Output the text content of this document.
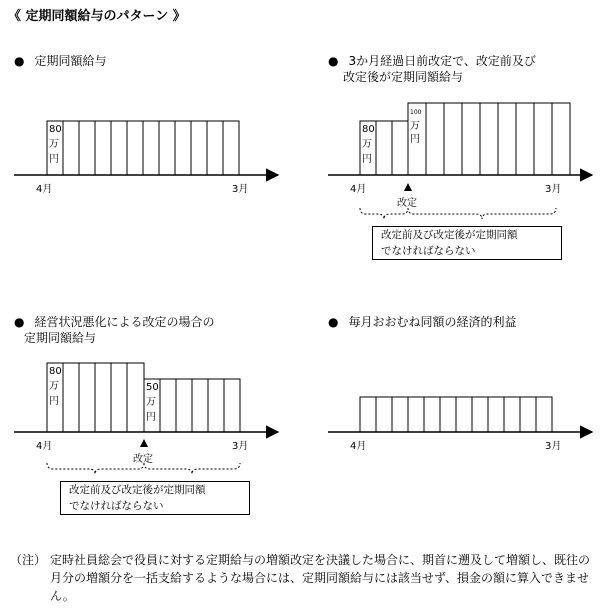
《 定期同額給与のパターン 》
● 定期同額給与	● 3か月経過日前改定で、改定前及び
改定後が定期同額給与
● 経営状況悪化による改定の場合の
定期同額給与
● 毎月おおむね同額の経済的利益
80
万
円
80
万
円
100
万
円
80
万
円
50
万
円
4月	3月	4月	3月
改定
4月	3月
改定
4月	3月
改定前及び改定後が定期同額
でなければならない
改定前及び改定後が定期同額
でなければならない
（注） 定時社員総会で役員に対する定期給与の増額改定を決議した場合に、期首に遡及して増額し、既往の月分の増額分を一括支給するような場合には、定期同額給与には該当せず、損金の額に算入できません。
